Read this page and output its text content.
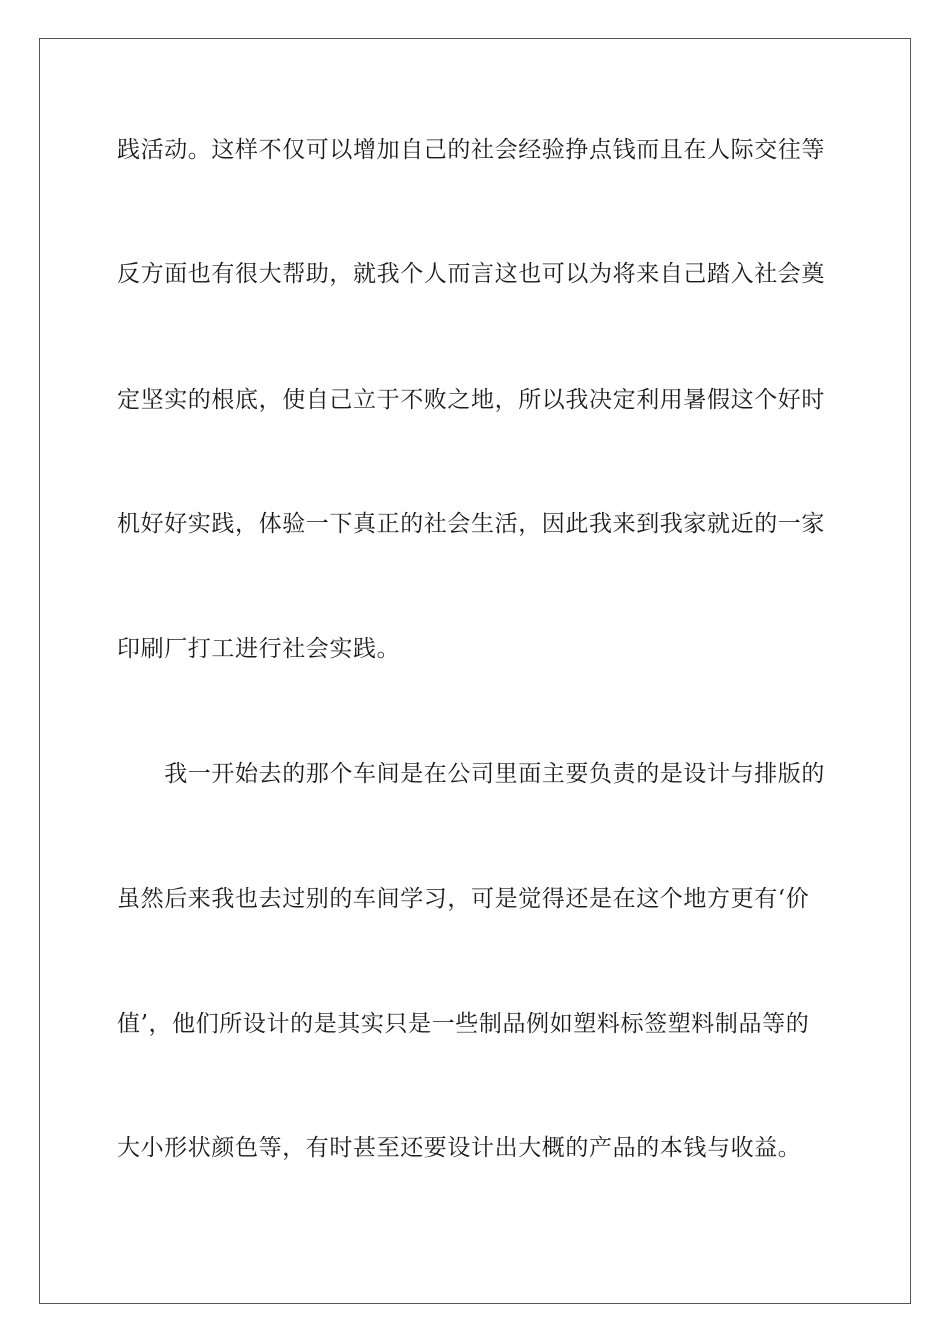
践活动。这样不仅可以增加自己的社会经验挣点钱而且在人际交往等
反方面也有很大帮助，就我个人而言这也可以为将来自己踏入社会奠
定坚实的根底，使自己立于不败之地，所以我决定利用暑假这个好时
机好好实践，体验一下真正的社会生活，因此我来到我家就近的一家
印刷厂打工进行社会实践。
　　我一开始去的那个车间是在公司里面主要负责的是设计与排版的
虽然后来我也去过别的车间学习，可是觉得还是在这个地方更有‘价
值’，他们所设计的是其实只是一些制品例如塑料标签塑料制品等的
大小形状颜色等，有时甚至还要设计出大概的产品的本钱与收益。
